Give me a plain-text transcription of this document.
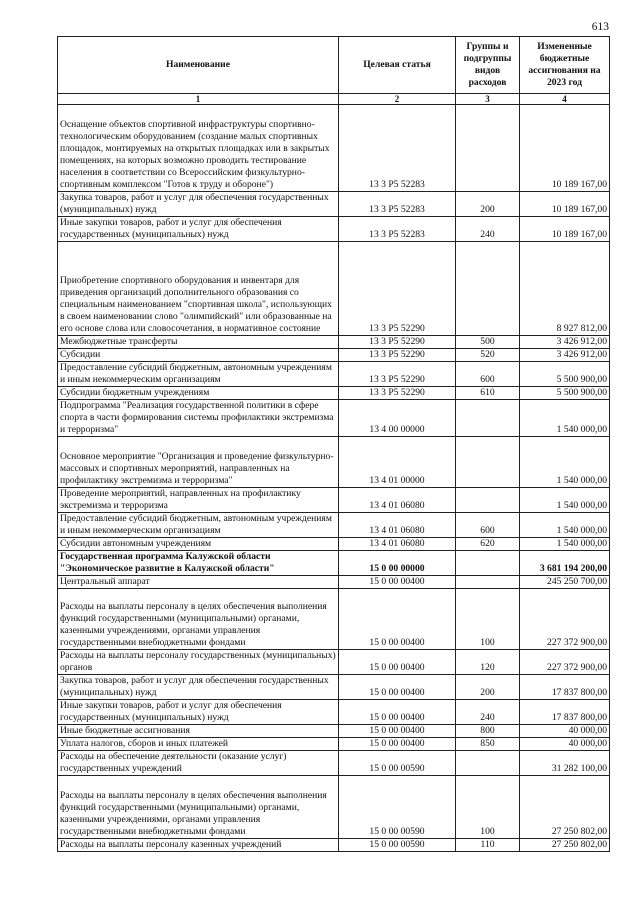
613
Наименование	Целевая статья	Группы и подгруппы видов расходов	Измененные бюджетные ассигнования на 2023 год
1	2	3	4
Оснащение объектов спортивной инфраструктуры спортивно-технологическим оборудованием (создание малых спортивных площадок, монтируемых на открытых площадках или в закрытых помещениях, на которых возможно проводить тестирование населения в соответствии со Всероссийским физкультурно-спортивным комплексом "Готов к труду и обороне")	13 3 P5 52283		10 189 167,00
Закупка товаров, работ и услуг для обеспечения государственных (муниципальных) нужд	13 3 P5 52283	200	10 189 167,00
Иные закупки товаров, работ и услуг для обеспечения государственных (муниципальных) нужд	13 3 P5 52283	240	10 189 167,00
Приобретение спортивного оборудования и инвентаря для приведения организаций дополнительного образования со специальным наименованием "спортивная школа", использующих в своем наименовании слово "олимпийский" или образованные на его основе слова или словосочетания, в нормативное состояние	13 3 P5 52290		8 927 812,00
Межбюджетные трансферты	13 3 P5 52290	500	3 426 912,00
Субсидии	13 3 P5 52290	520	3 426 912,00
Предоставление субсидий бюджетным, автономным учреждениям и иным некоммерческим организациям	13 3 P5 52290	600	5 500 900,00
Субсидии бюджетным учреждениям	13 3 P5 52290	610	5 500 900,00
Подпрограмма "Реализация государственной политики в сфере спорта в части формирования системы профилактики экстремизма и терроризма"	13 4 00 00000		1 540 000,00
Основное мероприятие "Организация и проведение физкультурно-массовых и спортивных мероприятий, направленных на профилактику экстремизма и терроризма"	13 4 01 00000		1 540 000,00
Проведение мероприятий, направленных на профилактику экстремизма и терроризма	13 4 01 06080		1 540 000,00
Предоставление субсидий бюджетным, автономным учреждениям и иным некоммерческим организациям	13 4 01 06080	600	1 540 000,00
Субсидии автономным учреждениям	13 4 01 06080	620	1 540 000,00
Государственная программа Калужской области "Экономическое развитие в Калужской области"	15 0 00 00000		3 681 194 200,00
Центральный аппарат	15 0 00 00400		245 250 700,00
Расходы на выплаты персоналу в целях обеспечения выполнения функций государственными (муниципальными) органами, казенными учреждениями, органами управления государственными внебюджетными фондами	15 0 00 00400	100	227 372 900,00
Расходы на выплаты персоналу государственных (муниципальных) органов	15 0 00 00400	120	227 372 900,00
Закупка товаров, работ и услуг для обеспечения государственных (муниципальных) нужд	15 0 00 00400	200	17 837 800,00
Иные закупки товаров, работ и услуг для обеспечения государственных (муниципальных) нужд	15 0 00 00400	240	17 837 800,00
Иные бюджетные ассигнования	15 0 00 00400	800	40 000,00
Уплата налогов, сборов и иных платежей	15 0 00 00400	850	40 000,00
Расходы на обеспечение деятельности (оказание услуг) государственных учреждений	15 0 00 00590		31 282 100,00
Расходы на выплаты персоналу в целях обеспечения выполнения функций государственными (муниципальными) органами, казенными учреждениями, органами управления государственными внебюджетными фондами	15 0 00 00590	100	27 250 802,00
Расходы на выплаты персоналу казенных учреждений	15 0 00 00590	110	27 250 802,00
